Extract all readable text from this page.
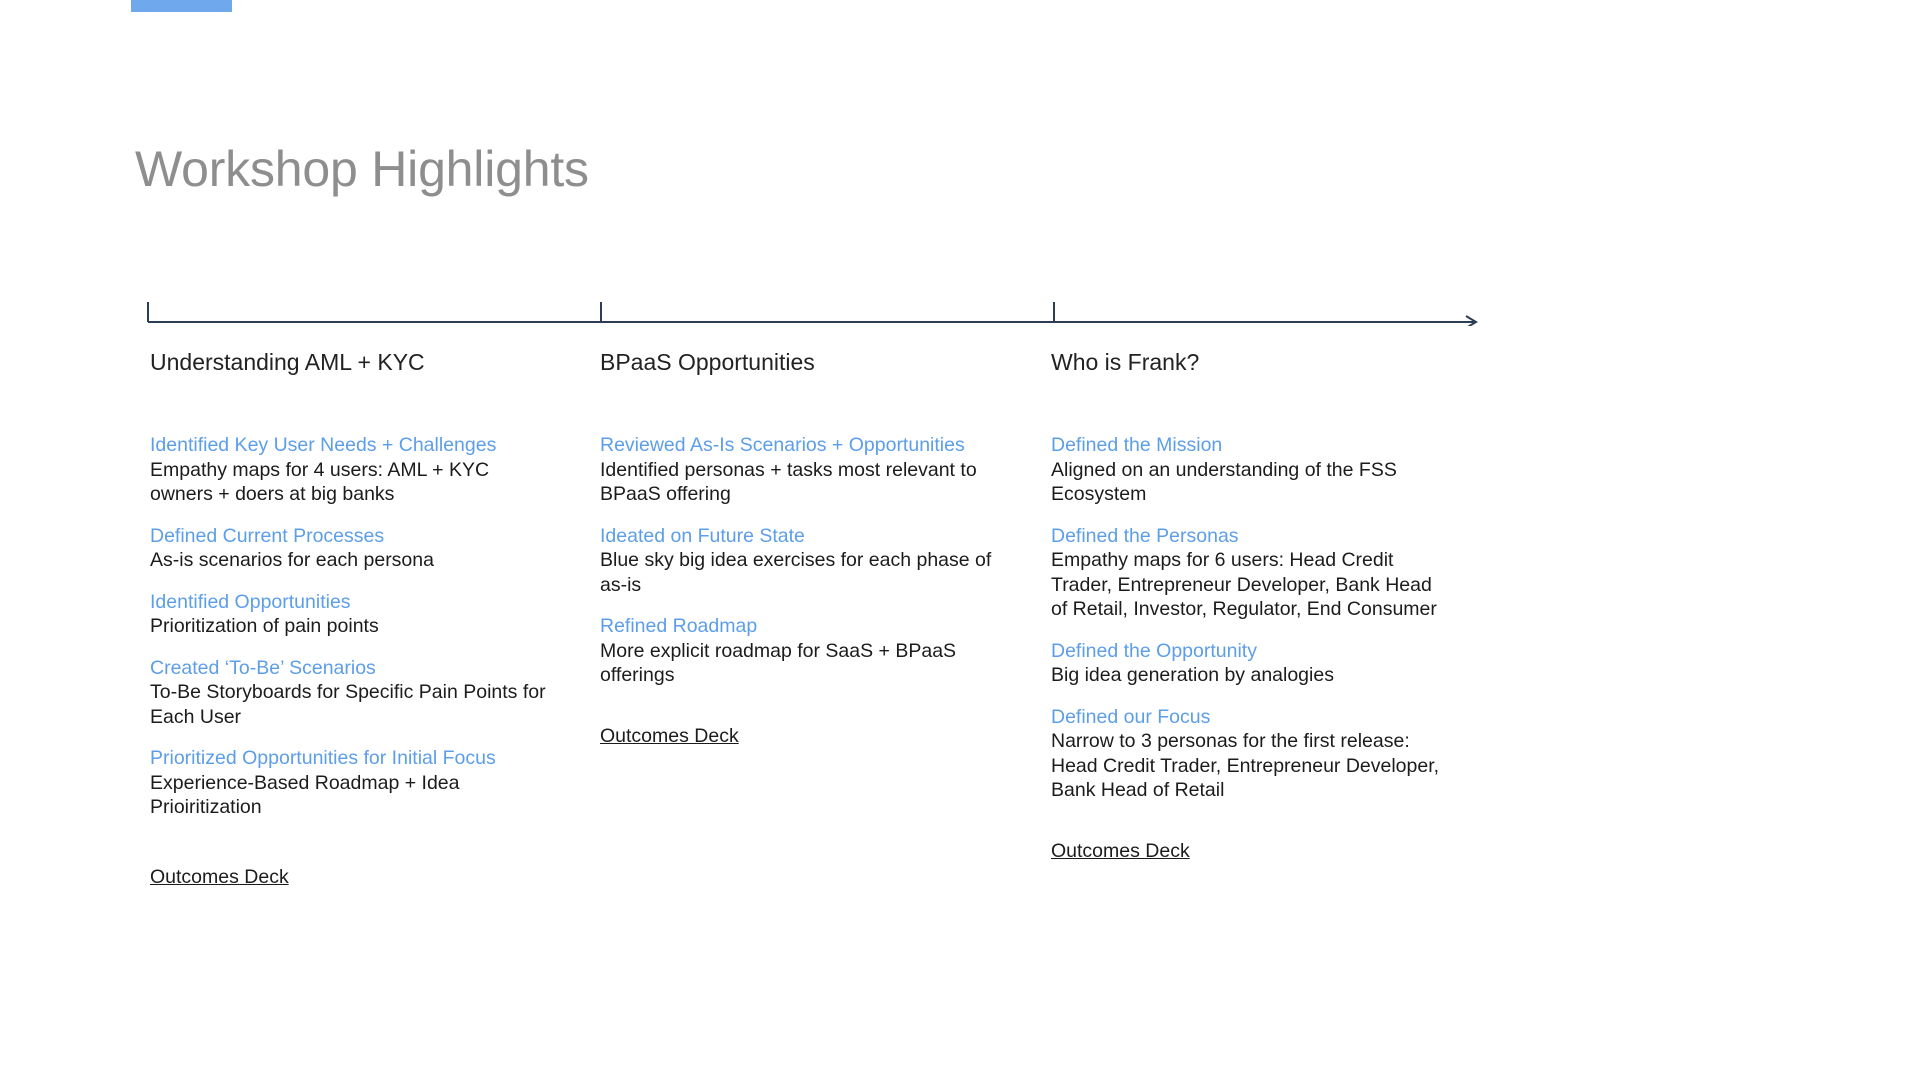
Workshop Highlights
Understanding AML + KYC
Identified Key User Needs + Challenges
Empathy maps for 4 users: AML + KYC owners + doers at big banks
Defined Current Processes
As-is scenarios for each persona
Identified Opportunities
Prioritization of pain points
Created ‘To-Be’ Scenarios
To-Be Storyboards for Specific Pain Points for Each User
Prioritized Opportunities for Initial Focus
Experience-Based Roadmap + Idea Prioiritization
Outcomes Deck
BPaaS Opportunities
Reviewed As-Is Scenarios + Opportunities
Identified personas + tasks most relevant to BPaaS offering
Ideated on Future State
Blue sky big idea exercises for each phase of as-is
Refined Roadmap
More explicit roadmap for SaaS + BPaaS offerings
Outcomes Deck
Who is Frank?
Defined the Mission
Aligned on an understanding of the FSS Ecosystem
Defined the Personas
Empathy maps for 6 users: Head Credit Trader, Entrepreneur Developer, Bank Head of Retail, Investor, Regulator, End Consumer
Defined the Opportunity
Big idea generation by analogies
Defined our Focus
Narrow to 3 personas for the first release: Head Credit Trader, Entrepreneur Developer, Bank Head of Retail
Outcomes Deck
